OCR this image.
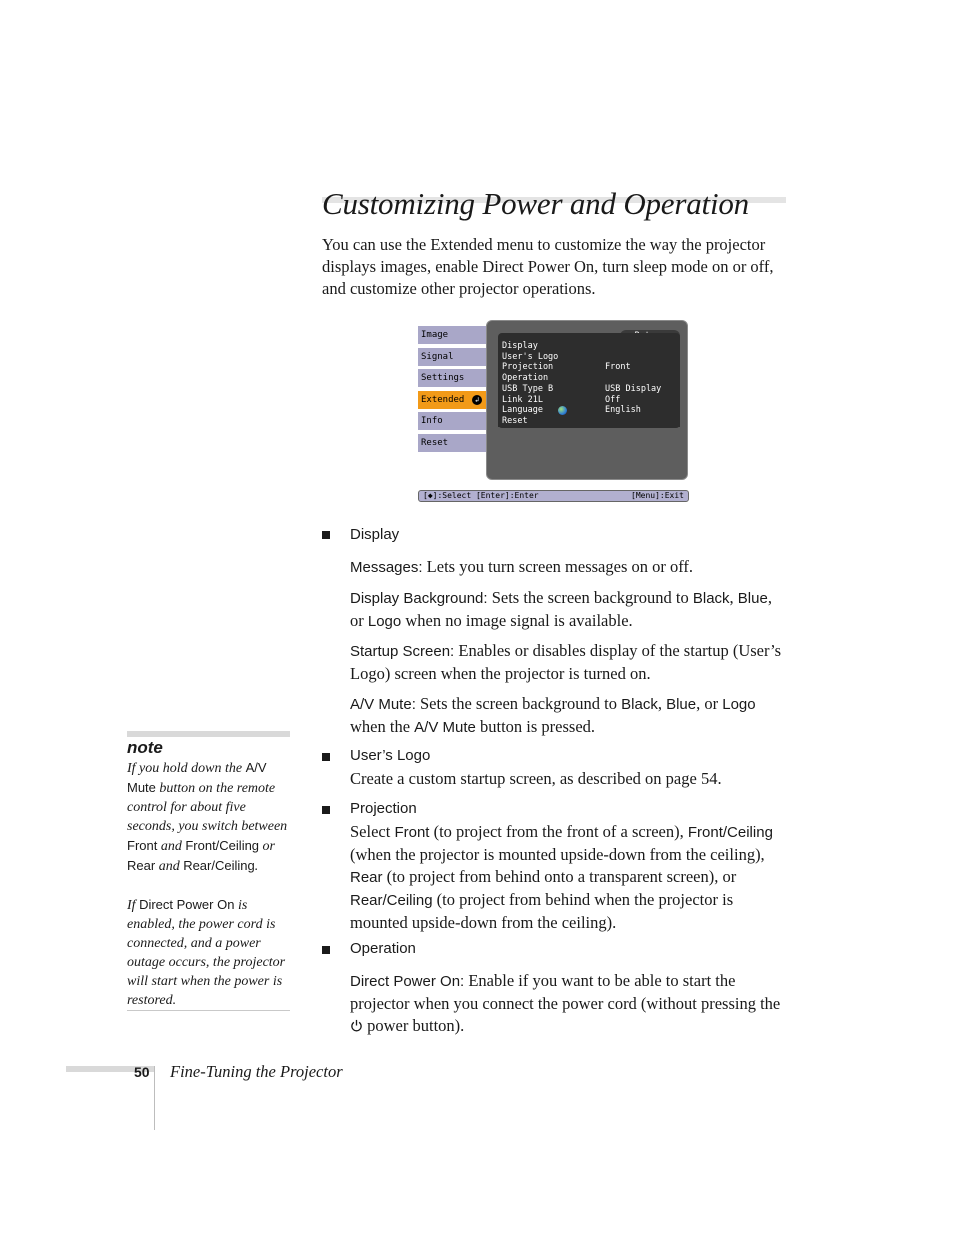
Customizing Power and Operation

You can use the Extended menu to customize the way the projector displays images, enable Direct Power On, turn sleep mode on or off, and customize other projector operations.

Image
Signal
Settings
Extended	↲
Info
Reset
Display
User's Logo
Projection	Front
Operation
USB Type B	USB Display
Link 21L	Off
Language	English
Reset
[◆]:Select [Enter]:Enter	[Menu]:Exit
Display

Messages: Lets you turn screen messages on or off.

Display Background: Sets the screen background to Black, Blue, or Logo when no image signal is available.

Startup Screen: Enables or disables display of the startup (User’s Logo) screen when the projector is turned on.

A/V Mute: Sets the screen background to Black, Blue, or Logo when the A/V Mute button is pressed.

User’s Logo

Create a custom startup screen, as described on page 54.

Projection

Select Front (to project from the front of a screen), Front/Ceiling (when the projector is mounted upside-down from the ceiling), Rear (to project from behind onto a transparent screen), or Rear/Ceiling (to project from behind when the projector is mounted upside-down from the ceiling).

Operation

Direct Power On: Enable if you want to be able to start the projector when you connect the power cord (without pressing the
power button).

note

If you hold down the A/V Mute button on the remote control for about five seconds, you switch between Front and Front/Ceiling or Rear and Rear/Ceiling.

If Direct Power On is enabled, the power cord is connected, and a power outage occurs, the projector will start when the power is restored.

50 Fine-Tuning the Projector
